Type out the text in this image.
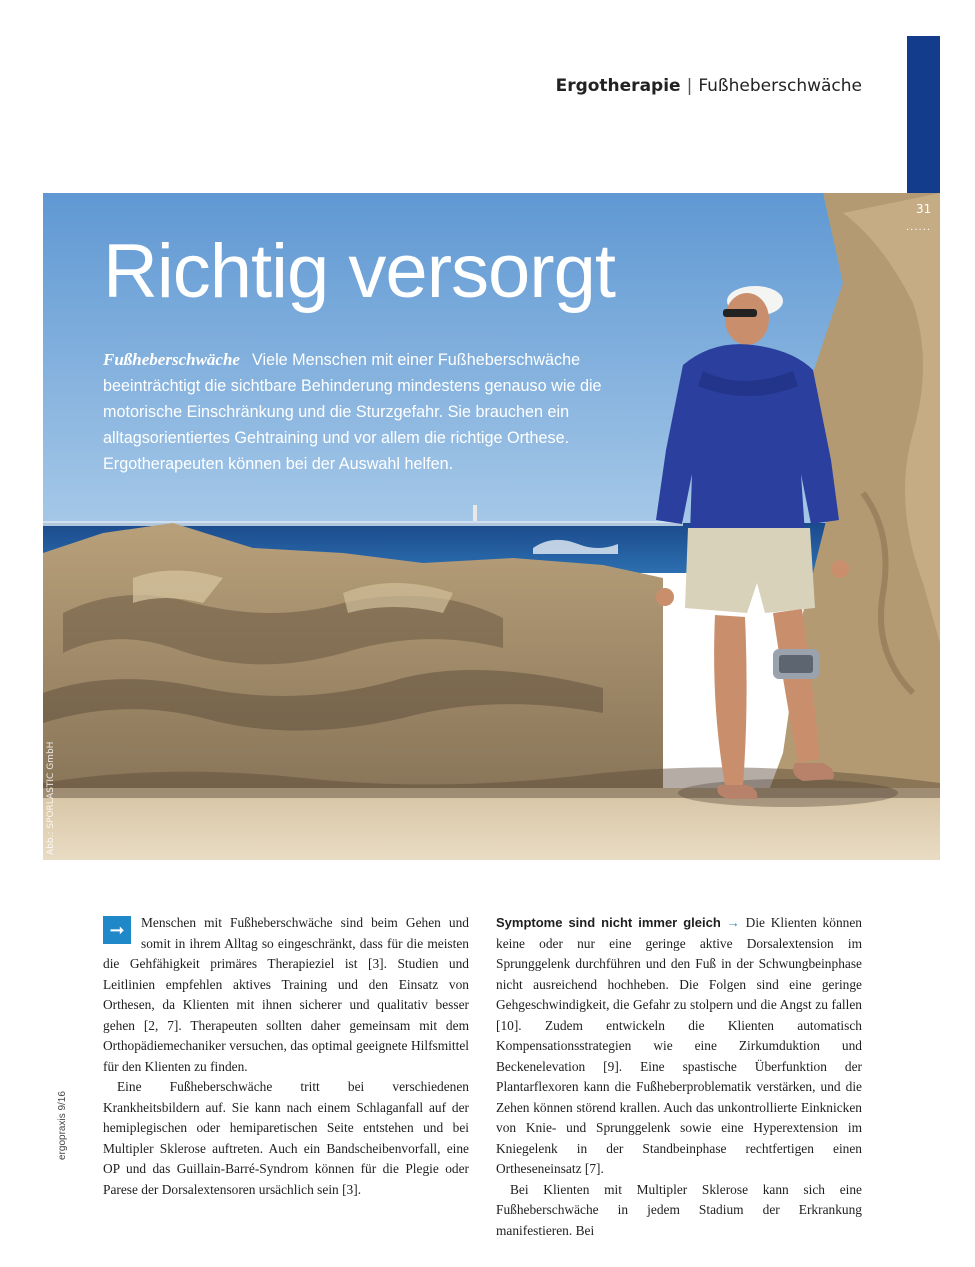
Ergotherapie | Fußheberschwäche
31
......
Richtig versorgt
Fußheberschwäche Viele Menschen mit einer Fußheberschwäche beeinträchtigt die sichtbare Behinderung mindestens genauso wie die motorische Einschränkung und die Sturzgefahr. Sie brauchen ein alltagsorientiertes Gehtraining und vor allem die richtige Orthese. Ergotherapeuten können bei der Auswahl helfen.
Abb.: SPORLASTIC GmbH
ergopraxis 9/16
➞	Menschen mit Fußheberschwäche sind beim Gehen und somit in ihrem Alltag so eingeschränkt, dass für die meisten die Gehfähigkeit primäres Therapieziel ist [3]. Studien und Leitlinien empfehlen aktives Training und den Einsatz von Orthesen, da Klienten mit ihnen sicherer und qualitativ besser gehen [2, 7]. Therapeuten sollten daher gemeinsam mit dem Orthopädiemechaniker versuchen, das optimal geeignete Hilfsmittel für den Klienten zu finden.

Eine Fußheberschwäche tritt bei verschiedenen Krankheitsbildern auf. Sie kann nach einem Schlaganfall auf der hemiplegischen oder hemiparetischen Seite entstehen und bei Multipler Sklerose auftreten. Auch ein Bandscheibenvorfall, eine OP und das Guillain-Barré-Syndrom können für die Plegie oder Parese der Dorsalextensoren ursächlich sein [3].

Symptome sind nicht immer gleich → Die Klienten können keine oder nur eine geringe aktive Dorsalextension im Sprunggelenk durchführen und den Fuß in der Schwungbeinphase nicht ausreichend hochheben. Die Folgen sind eine geringe Gehgeschwindigkeit, die Gefahr zu stolpern und die Angst zu fallen [10]. Zudem entwickeln die Klienten automatisch Kompensationsstrategien wie eine Zirkumduktion und Beckenelevation [9]. Eine spastische Überfunktion der Plantarflexoren kann die Fußheberproblematik verstärken, und die Zehen können störend krallen. Auch das unkontrollierte Einknicken von Knie- und Sprunggelenk sowie eine Hyperextension im Kniegelenk in der Standbeinphase rechtfertigen einen Ortheseneinsatz [7].

Bei Klienten mit Multipler Sklerose kann sich eine Fußheberschwäche in jedem Stadium der Erkrankung manifestieren. Bei
